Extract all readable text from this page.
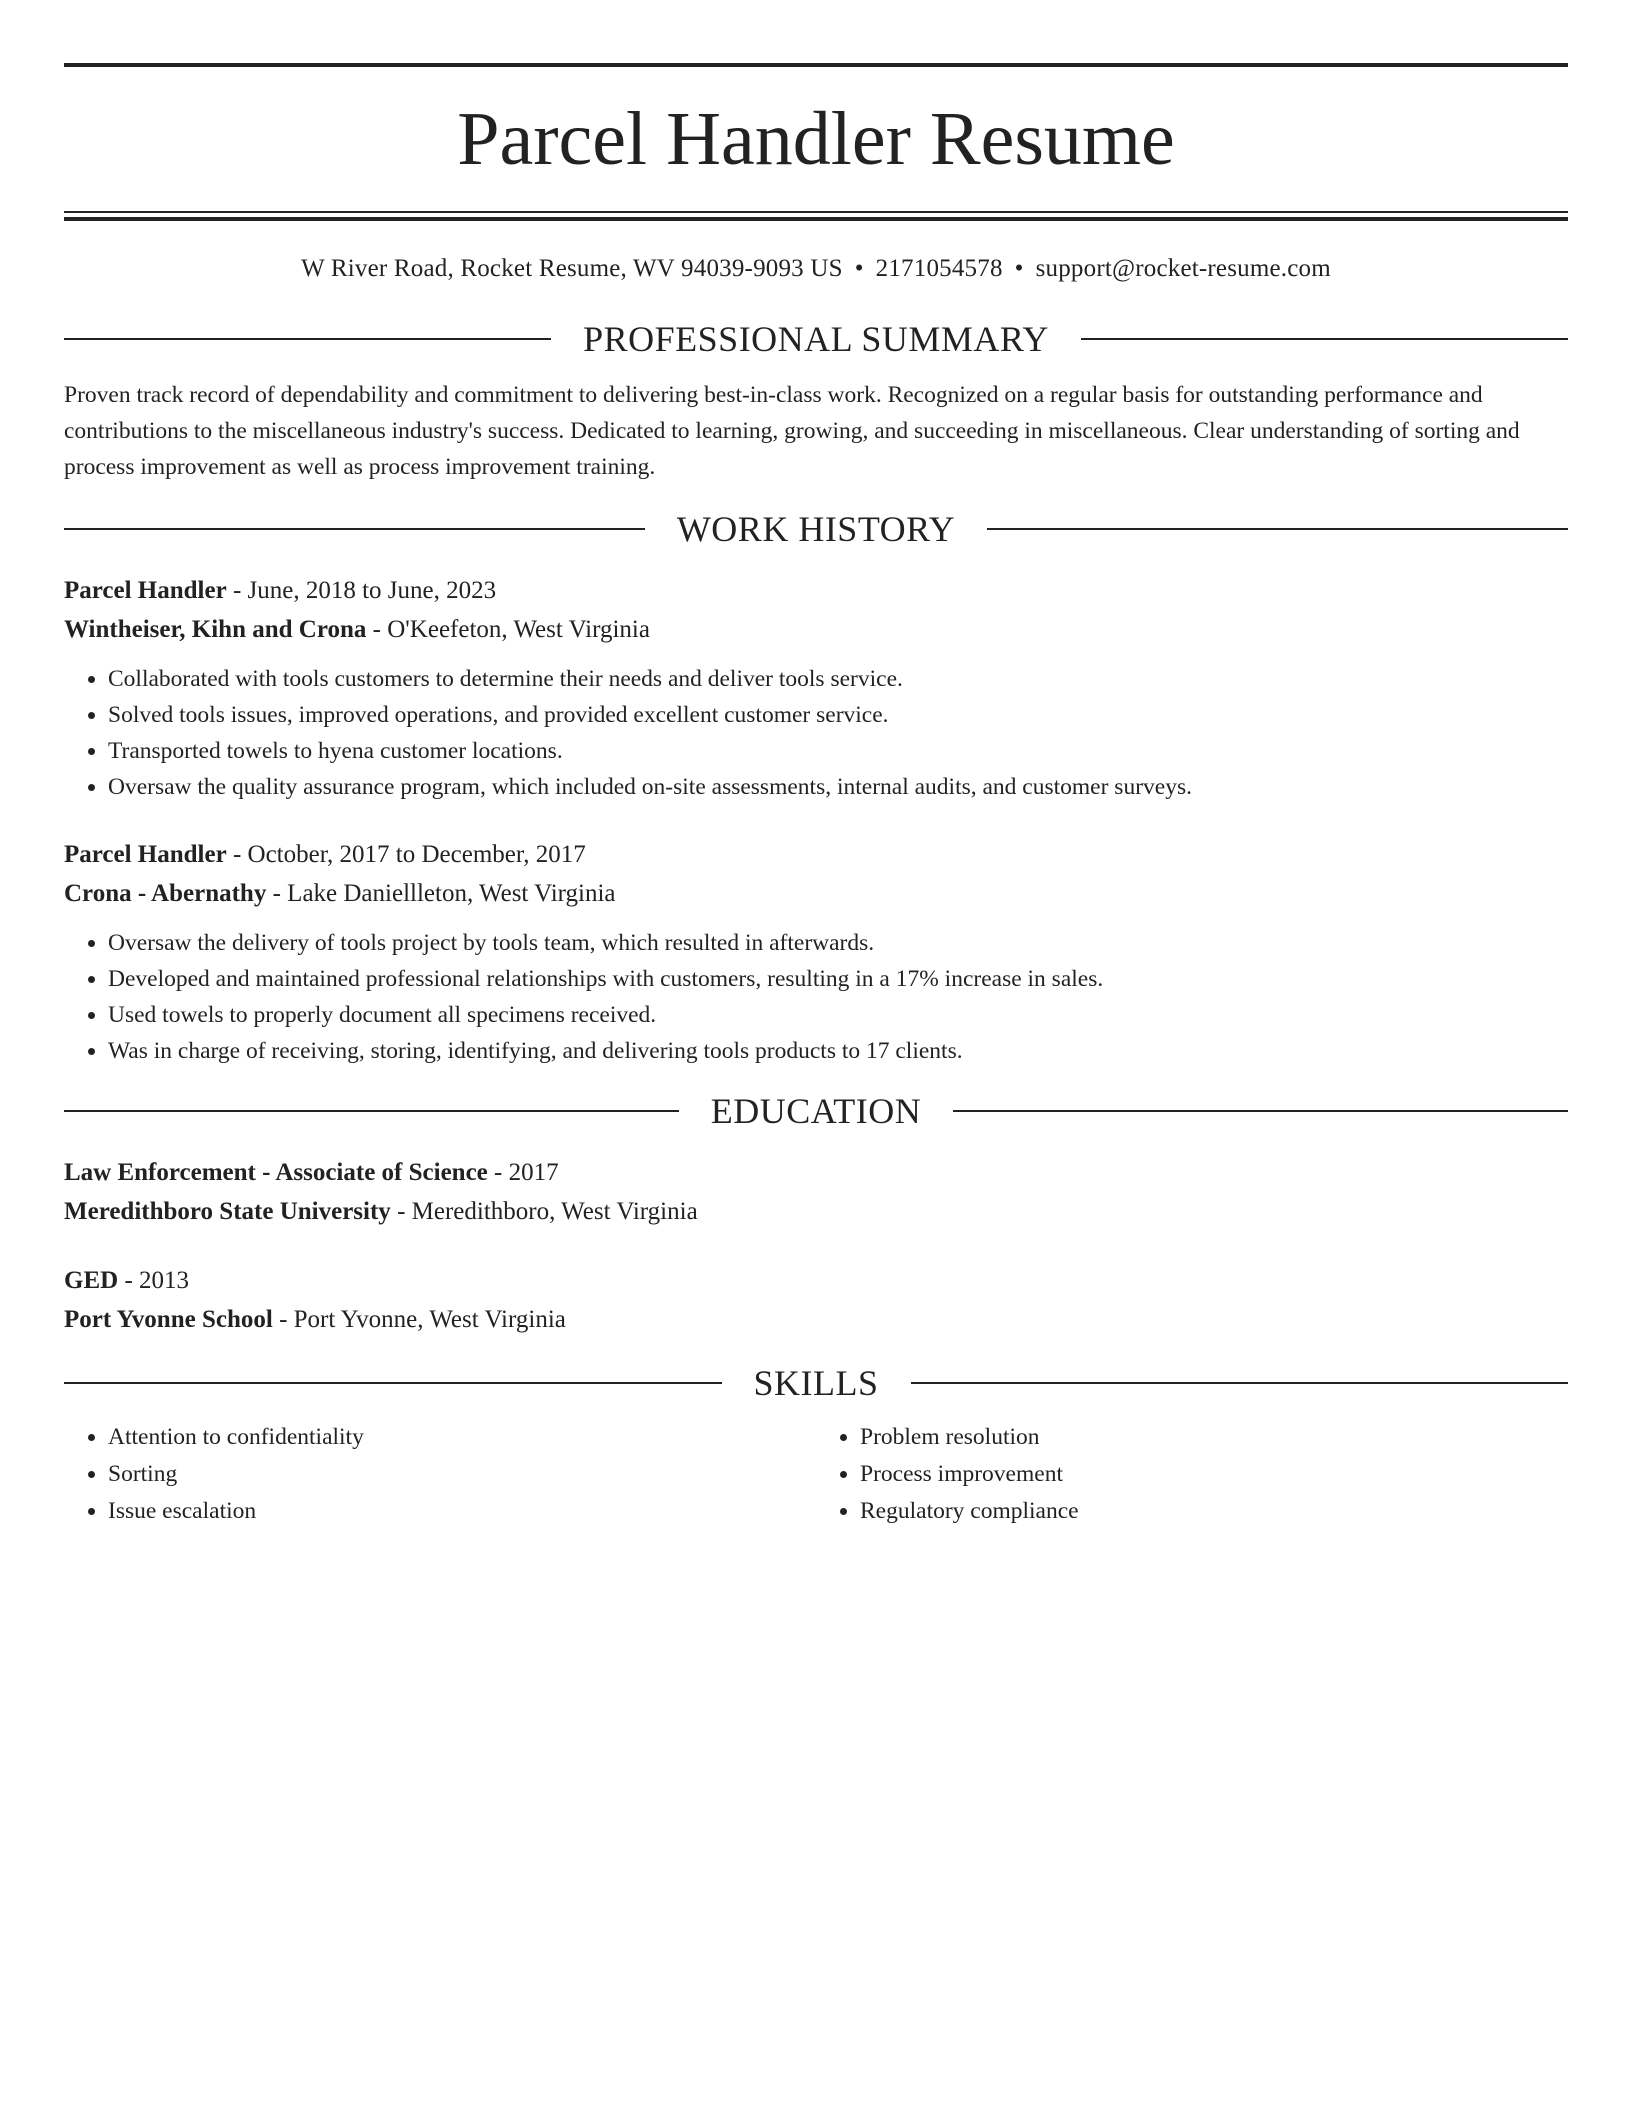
Parcel Handler Resume
W River Road, Rocket Resume, WV 94039-9093 US • 2171054578 • support@rocket-resume.com
PROFESSIONAL SUMMARY

Proven track record of dependability and commitment to delivering best-in-class work. Recognized on a regular basis for outstanding performance and contributions to the miscellaneous industry's success. Dedicated to learning, growing, and succeeding in miscellaneous. Clear understanding of sorting and process improvement as well as process improvement training.

WORK HISTORY
Parcel Handler - June, 2018 to June, 2023
Wintheiser, Kihn and Crona - O'Keefeton, West Virginia
• Collaborated with tools customers to determine their needs and deliver tools service.
• Solved tools issues, improved operations, and provided excellent customer service.
• Transported towels to hyena customer locations.
• Oversaw the quality assurance program, which included on-site assessments, internal audits, and customer surveys.
Parcel Handler - October, 2017 to December, 2017
Crona - Abernathy - Lake Daniellleton, West Virginia
• Oversaw the delivery of tools project by tools team, which resulted in afterwards.
• Developed and maintained professional relationships with customers, resulting in a 17% increase in sales.
• Used towels to properly document all specimens received.
• Was in charge of receiving, storing, identifying, and delivering tools products to 17 clients.
EDUCATION
Law Enforcement - Associate of Science - 2017
Meredithboro State University - Meredithboro, West Virginia
GED - 2013
Port Yvonne School - Port Yvonne, West Virginia
SKILLS
• Attention to confidentiality
• Sorting
• Issue escalation
• Problem resolution
• Process improvement
• Regulatory compliance
